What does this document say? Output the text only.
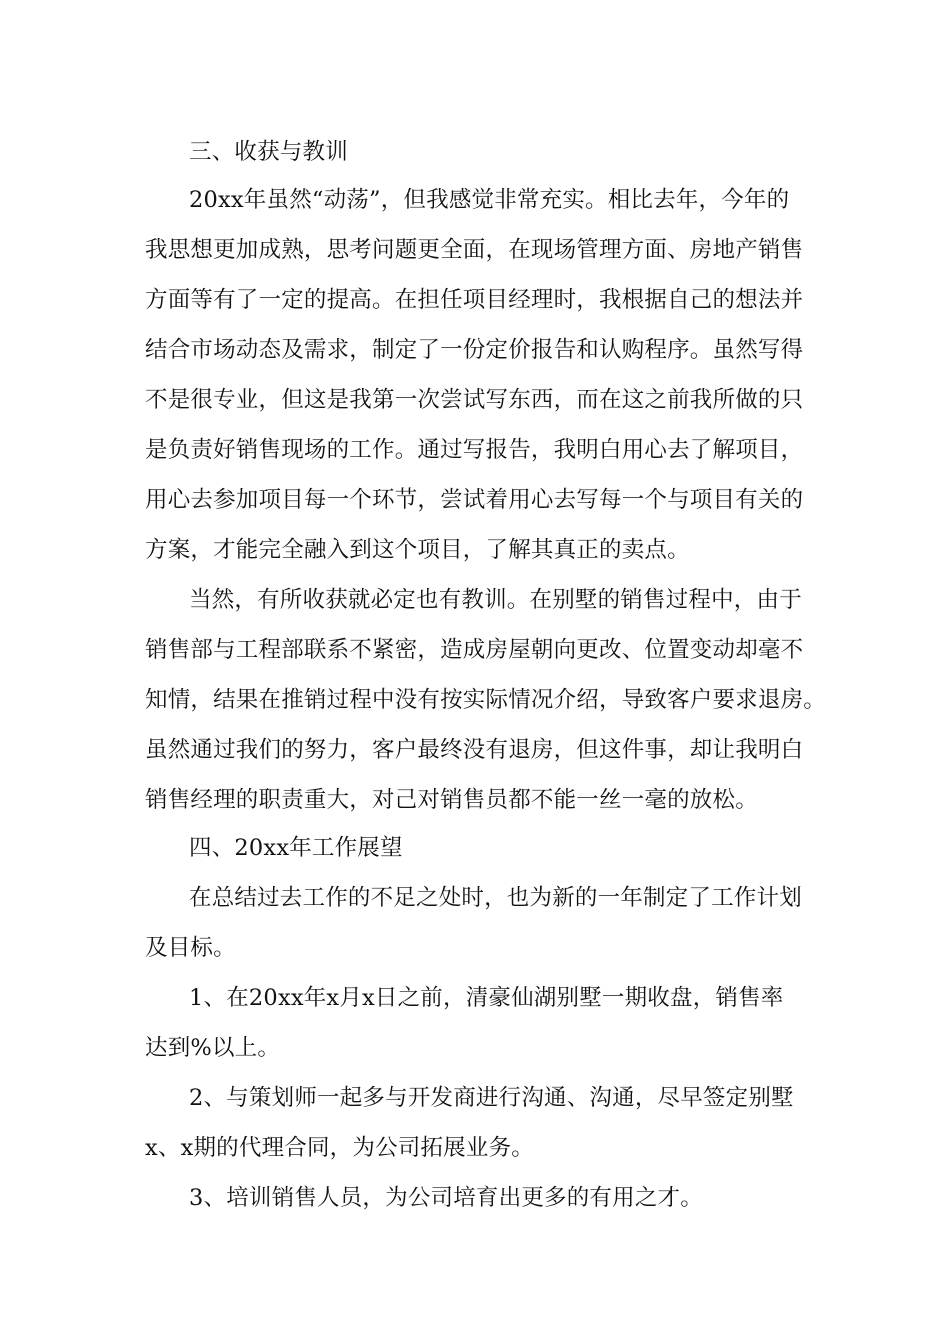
三、收获与教训
20xx年虽然“动荡”，但我感觉非常充实。相比去年，今年的
我思想更加成熟，思考问题更全面，在现场管理方面、房地产销售
方面等有了一定的提高。在担任项目经理时，我根据自己的想法并
结合市场动态及需求，制定了一份定价报告和认购程序。虽然写得
不是很专业，但这是我第一次尝试写东西，而在这之前我所做的只
是负责好销售现场的工作。通过写报告，我明白用心去了解项目，
用心去参加项目每一个环节，尝试着用心去写每一个与项目有关的
方案，才能完全融入到这个项目，了解其真正的卖点。
当然，有所收获就必定也有教训。在别墅的销售过程中，由于
销售部与工程部联系不紧密，造成房屋朝向更改、位置变动却毫不
知情，结果在推销过程中没有按实际情况介绍，导致客户要求退房。
虽然通过我们的努力，客户最终没有退房，但这件事，却让我明白
销售经理的职责重大，对己对销售员都不能一丝一毫的放松。
四、20xx年工作展望
在总结过去工作的不足之处时，也为新的一年制定了工作计划
及目标。
1、在20xx年x月x日之前，清豪仙湖别墅一期收盘，销售率
达到%以上。
2、与策划师一起多与开发商进行沟通、沟通，尽早签定别墅
x、x期的代理合同，为公司拓展业务。
3、培训销售人员，为公司培育出更多的有用之才。
